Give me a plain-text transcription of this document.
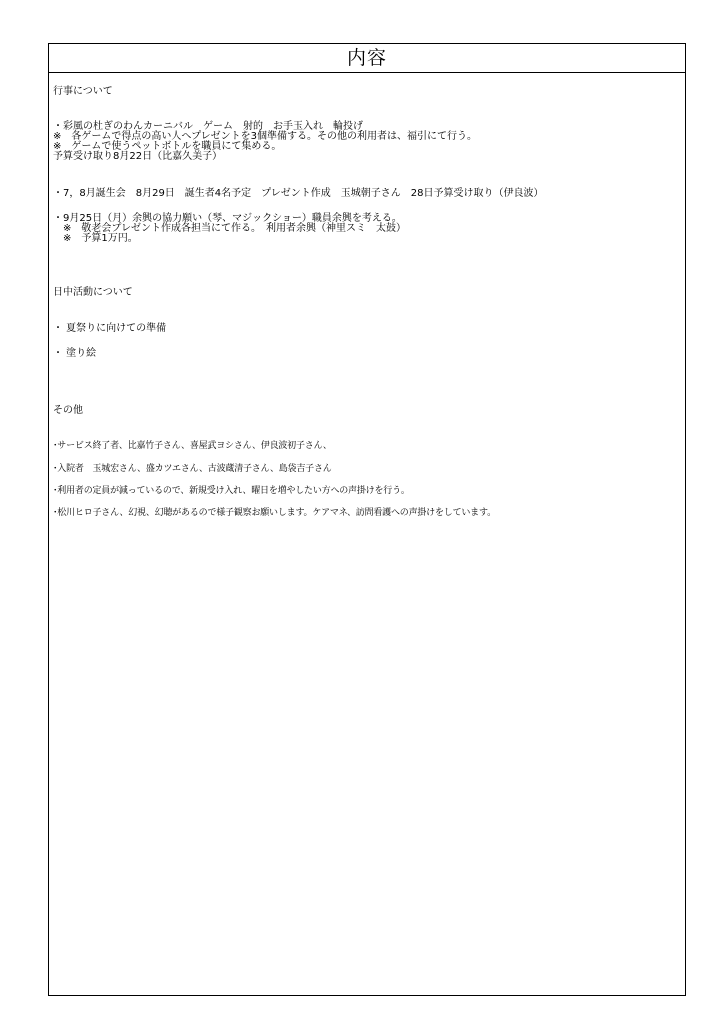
内容
行事について
・彩風の杜ぎのわんカーニバル　ゲーム　射的　お手玉入れ　輪投げ
※　各ゲームで得点の高い人へプレゼントを3個準備する。その他の利用者は、福引にて行う。
※　ゲームで使うペットボトルを職員にて集める。
予算受け取り8月22日（比嘉久美子）
・7，8月誕生会　8月29日　誕生者4名予定　プレゼント作成　玉城朝子さん　28日予算受け取り（伊良波）
・9月25日（月）余興の協力願い（琴、マジックショー）職員余興を考える。
　※　敬老会プレゼント作成各担当にて作る。　利用者余興（神里スミ　太鼓）
　※　予算1万円。
日中活動について
・ 夏祭りに向けての準備
・ 塗り絵
その他
･サービス終了者、比嘉竹子さん、喜屋武ヨシさん、伊良波初子さん、
･入院者　玉城宏さん、盛カツエさん、古波蔵清子さん、島袋吉子さん
･利用者の定員が減っているので、新規受け入れ、曜日を増やしたい方への声掛けを行う。
･松川ヒロ子さん、幻視、幻聴があるので様子観察お願いします。ケアマネ、訪問看護への声掛けをしています。
